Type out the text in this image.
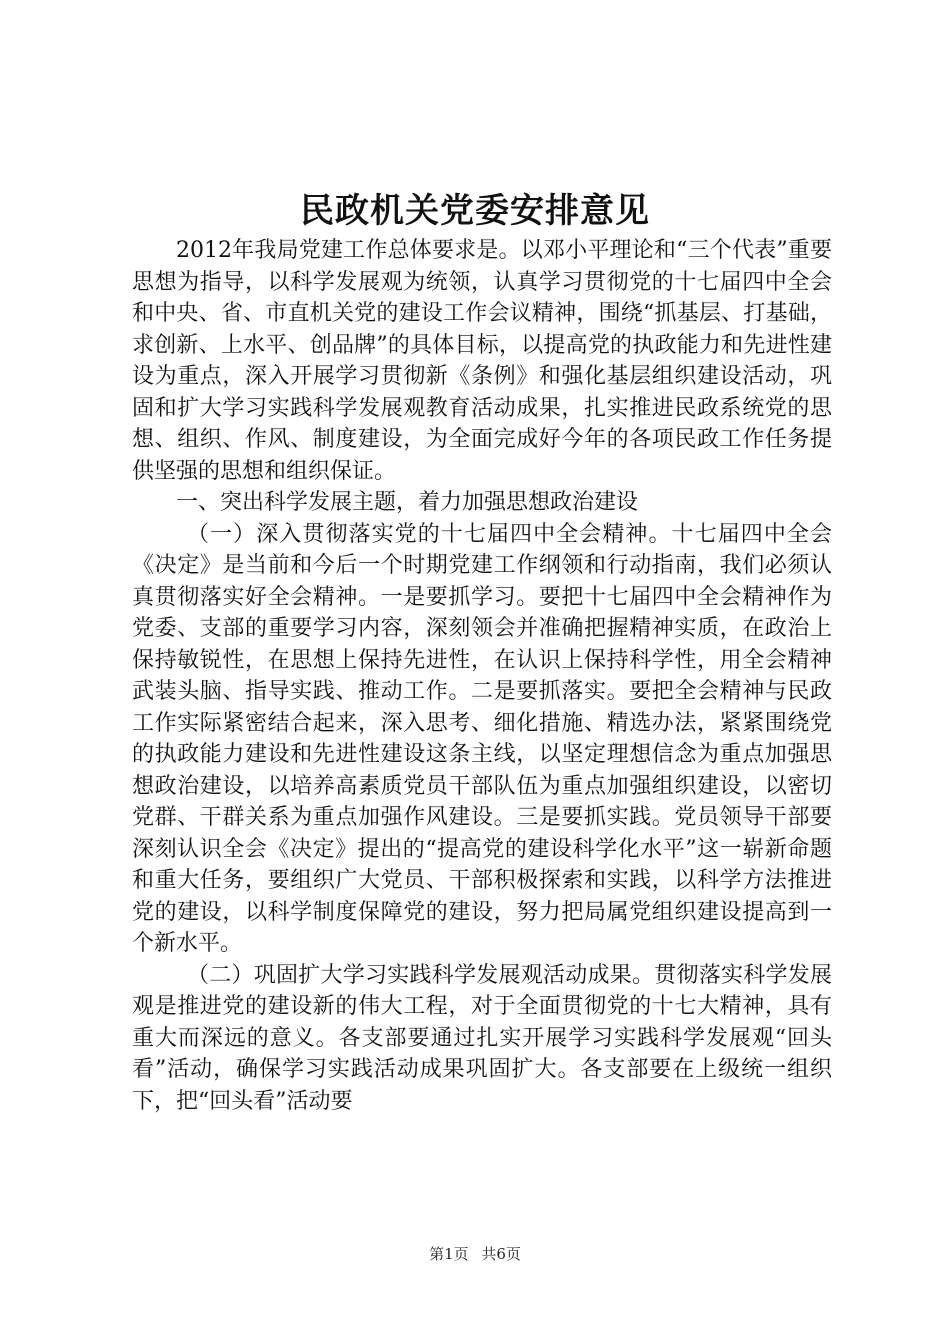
民政机关党委安排意见

2012年我局党建工作总体要求是。以邓小平理论和“三个代表”重要思想为指导，以科学发展观为统领，认真学习贯彻党的十七届四中全会和中央、省、市直机关党的建设工作会议精神，围绕“抓基层、打基础，求创新、上水平、创品牌”的具体目标，以提高党的执政能力和先进性建设为重点，深入开展学习贯彻新《条例》和强化基层组织建设活动，巩固和扩大学习实践科学发展观教育活动成果，扎实推进民政系统党的思想、组织、作风、制度建设，为全面完成好今年的各项民政工作任务提供坚强的思想和组织保证。

一、突出科学发展主题，着力加强思想政治建设

（一）深入贯彻落实党的十七届四中全会精神。十七届四中全会《决定》是当前和今后一个时期党建工作纲领和行动指南，我们必须认真贯彻落实好全会精神。一是要抓学习。要把十七届四中全会精神作为党委、支部的重要学习内容，深刻领会并准确把握精神实质，在政治上保持敏锐性，在思想上保持先进性，在认识上保持科学性，用全会精神武装头脑、指导实践、推动工作。二是要抓落实。要把全会精神与民政工作实际紧密结合起来，深入思考、细化措施、精选办法，紧紧围绕党的执政能力建设和先进性建设这条主线，以坚定理想信念为重点加强思想政治建设，以培养高素质党员干部队伍为重点加强组织建设，以密切党群、干群关系为重点加强作风建设。三是要抓实践。党员领导干部要深刻认识全会《决定》提出的“提高党的建设科学化水平”这一崭新命题和重大任务，要组织广大党员、干部积极探索和实践，以科学方法推进党的建设，以科学制度保障党的建设，努力把局属党组织建设提高到一个新水平。

（二）巩固扩大学习实践科学发展观活动成果。贯彻落实科学发展观是推进党的建设新的伟大工程，对于全面贯彻党的十七大精神，具有重大而深远的意义。各支部要通过扎实开展学习实践科学发展观“回头看”活动，确保学习实践活动成果巩固扩大。各支部要在上级统一组织下，把“回头看”活动要

第1页 共6页
